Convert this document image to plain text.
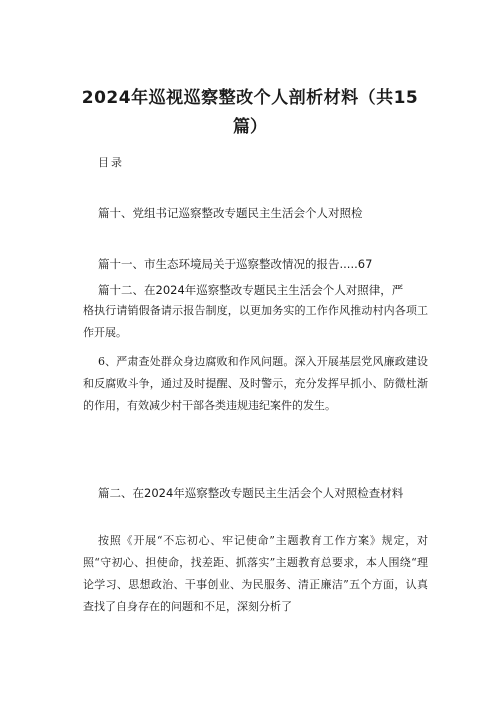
2024年巡视巡察整改个人剖析材料（共15
篇）
目录
篇十、党组书记巡察整改专题民主生活会个人对照检
篇十一、市生态环境局关于巡察整改情况的报告.....67
篇十二、在2024年巡察整改专题民主生活会个人对照律，严
格执行请销假备请示报告制度，以更加务实的工作作风推动村内各项工作开展。
6、严肃查处群众身边腐败和作风问题。深入开展基层党风廉政建设和反腐败斗争，通过及时提醒、及时警示，充分发挥早抓小、防微杜渐的作用，有效减少村干部各类违规违纪案件的发生。
篇二、在2024年巡察整改专题民主生活会个人对照检查材料
按照《开展“不忘初心、牢记使命”主题教育工作方案》规定，对照“守初心、担使命，找差距、抓落实”主题教育总要求，本人围绕“理论学习、思想政治、干事创业、为民服务、清正廉洁”五个方面，认真查找了自身存在的问题和不足，深刻分析了
